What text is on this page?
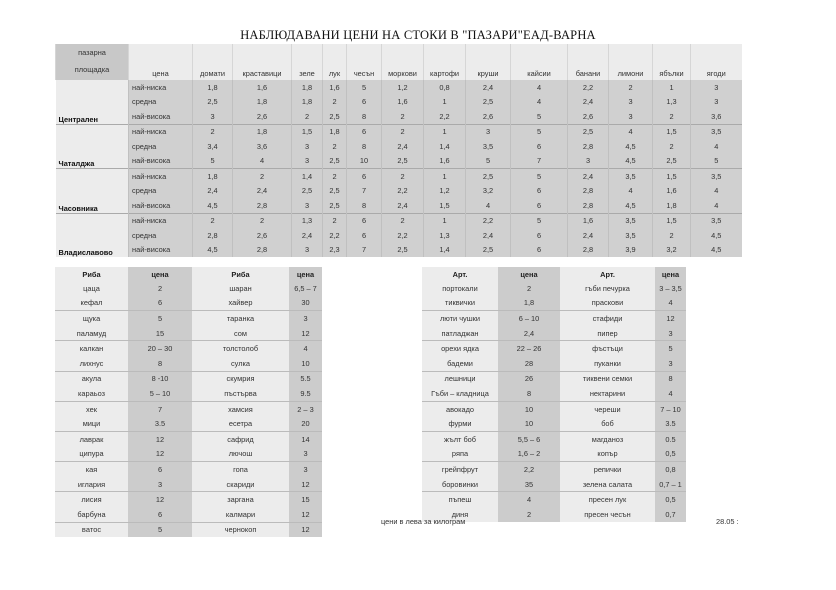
НАБЛЮДАВАНИ ЦЕНИ НА СТОКИ В "ПАЗАРИ"ЕАД-ВАРНА
пазарна
площадка	цена	домати	краставици	зеле	лук	чесън	моркови	картофи	круши	кайсии	банани	лимони	ябълки	ягоди
Централен	най-ниска	1,8	1,6	1,8	1,6	5	1,2	0,8	2,4	4	2,2	2	1	3
	средна	2,5	1,8	1,8	2	6	1,6	1	2,5	4	2,4	3	1,3	3
	най-висока	3	2,6	2	2,5	8	2	2,2	2,6	5	2,6	3	2	3,6
Чаталджа	най-ниска	2	1,8	1,5	1,8	6	2	1	3	5	2,5	4	1,5	3,5
	средна	3,4	3,6	3	2	8	2,4	1,4	3,5	6	2,8	4,5	2	4
	най-висока	5	4	3	2,5	10	2,5	1,6	5	7	3	4,5	2,5	5
Часовника	най-ниска	1,8	2	1,4	2	6	2	1	2,5	5	2,4	3,5	1,5	3,5
	средна	2,4	2,4	2,5	2,5	7	2,2	1,2	3,2	6	2,8	4	1,6	4
	най-висока	4,5	2,8	3	2,5	8	2,4	1,5	4	6	2,8	4,5	1,8	4
Владиславово	най-ниска	2	2	1,3	2	6	2	1	2,2	5	1,6	3,5	1,5	3,5
	средна	2,8	2,6	2,4	2,2	6	2,2	1,3	2,4	6	2,4	3,5	2	4,5
	най-висока	4,5	2,8	3	2,3	7	2,5	1,4	2,5	6	2,8	3,9	3,2	4,5
Риба	цена	Риба	цена
цаца	2	шаран	6,5 – 7
кефал	6	хайвер	30
щука	5	таранка	3
паламуд	15	сом	12
калкан	20 – 30	толстолоб	4
лихнус	8	сулка	10
акула	8 -10	скумрия	5.5
караьоз	5 – 10	пъстърва	9.5
хек	7	хамсия	2 – 3
мици	3.5	есетра	20
лаврак	12	сафрид	14
ципура	12	лючош	3
кая	6	гопа	3
иглария	3	скариди	12
лисия	12	заргана	15
барбуна	6	калмари	12
вaтос	5	чернокоп	12
Арт.	цена	Арт.	цена
портокали	2	гъби печурка	3 – 3,5
тиквички	1,8	праскови	4
люти чушки	6 – 10	стафиди	12
патладжан	2,4	пипер	3
орехи ядка	22 – 26	фъстъци	5
бадеми	28	пуканки	3
лешници	26	тиквени семки	8
Гъби – кладница	8	нектарини	4
авокадо	10	череши	7 – 10
фурми	10	боб	3.5
жълт боб	5,5 – 6	магданоз	0.5
ряпа	1,6 – 2	копър	0,5
грейпфрут	2,2	репички	0,8
боровинки	35	зелена салата	0,7 – 1
пъпеш	4	пресен лук	0,5
диня	2	пресен чесън	0,7
цени в лева за килограм	28.05 :
